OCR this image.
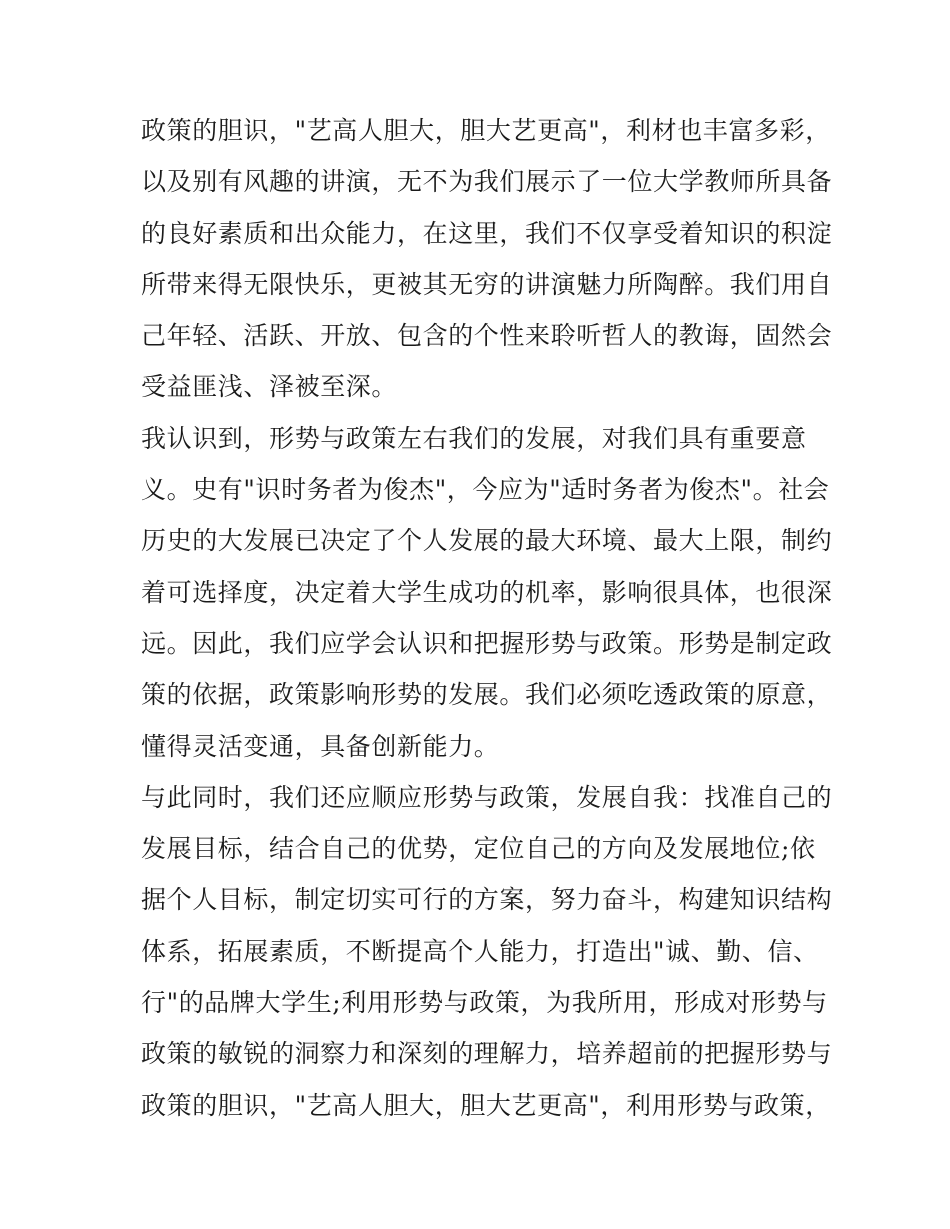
政策的胆识，"艺高人胆大，胆大艺更高"，利材也丰富多彩，
以及别有风趣的讲演，无不为我们展示了一位大学教师所具备
的良好素质和出众能力，在这里，我们不仅享受着知识的积淀
所带来得无限快乐，更被其无穷的讲演魅力所陶醉。我们用自
己年轻、活跃、开放、包含的个性来聆听哲人的教诲，固然会
受益匪浅、泽被至深。
我认识到，形势与政策左右我们的发展，对我们具有重要意
义。史有"识时务者为俊杰"，今应为"适时务者为俊杰"。社会
历史的大发展已决定了个人发展的最大环境、最大上限，制约
着可选择度，决定着大学生成功的机率，影响很具体，也很深
远。因此，我们应学会认识和把握形势与政策。形势是制定政
策的依据，政策影响形势的发展。我们必须吃透政策的原意，
懂得灵活变通，具备创新能力。
与此同时，我们还应顺应形势与政策，发展自我：找准自己的
发展目标，结合自己的优势，定位自己的方向及发展地位;依
据个人目标，制定切实可行的方案，努力奋斗，构建知识结构
体系，拓展素质，不断提高个人能力，打造出"诚、勤、信、
行"的品牌大学生;利用形势与政策，为我所用，形成对形势与
政策的敏锐的洞察力和深刻的理解力，培养超前的把握形势与
政策的胆识，"艺高人胆大，胆大艺更高"，利用形势与政策，
